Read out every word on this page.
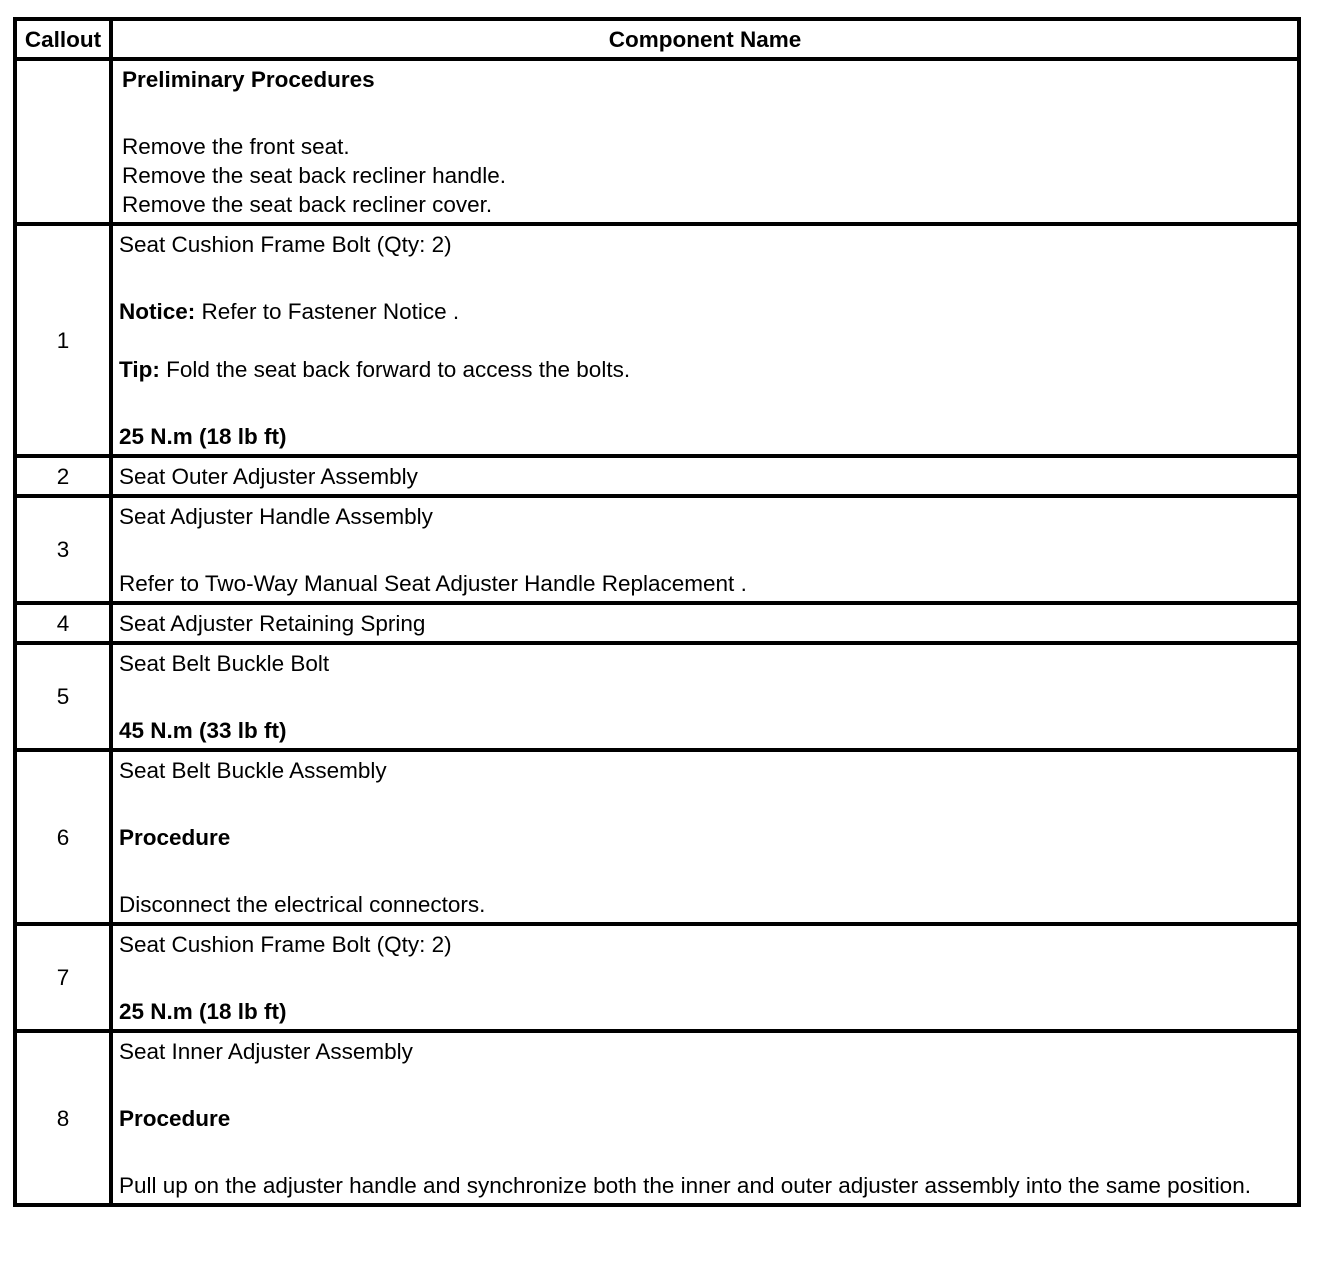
Callout	Component Name

	Preliminary Procedures
Remove the front seat.
Remove the seat back recliner handle.
Remove the seat back recliner cover.

1	Seat Cushion Frame Bolt (Qty: 2)
Notice: Refer to Fastener Notice .
Tip: Fold the seat back forward to access the bolts.
25 N.m (18 lb ft)

2	Seat Outer Adjuster Assembly

3	Seat Adjuster Handle Assembly
Refer to Two-Way Manual Seat Adjuster Handle Replacement .

4	Seat Adjuster Retaining Spring

5	Seat Belt Buckle Bolt
45 N.m (33 lb ft)

6	Seat Belt Buckle Assembly
Procedure
Disconnect the electrical connectors.

7	Seat Cushion Frame Bolt (Qty: 2)
25 N.m (18 lb ft)

8	Seat Inner Adjuster Assembly
Procedure
Pull up on the adjuster handle and synchronize both the inner and outer adjuster assembly into the same position.
